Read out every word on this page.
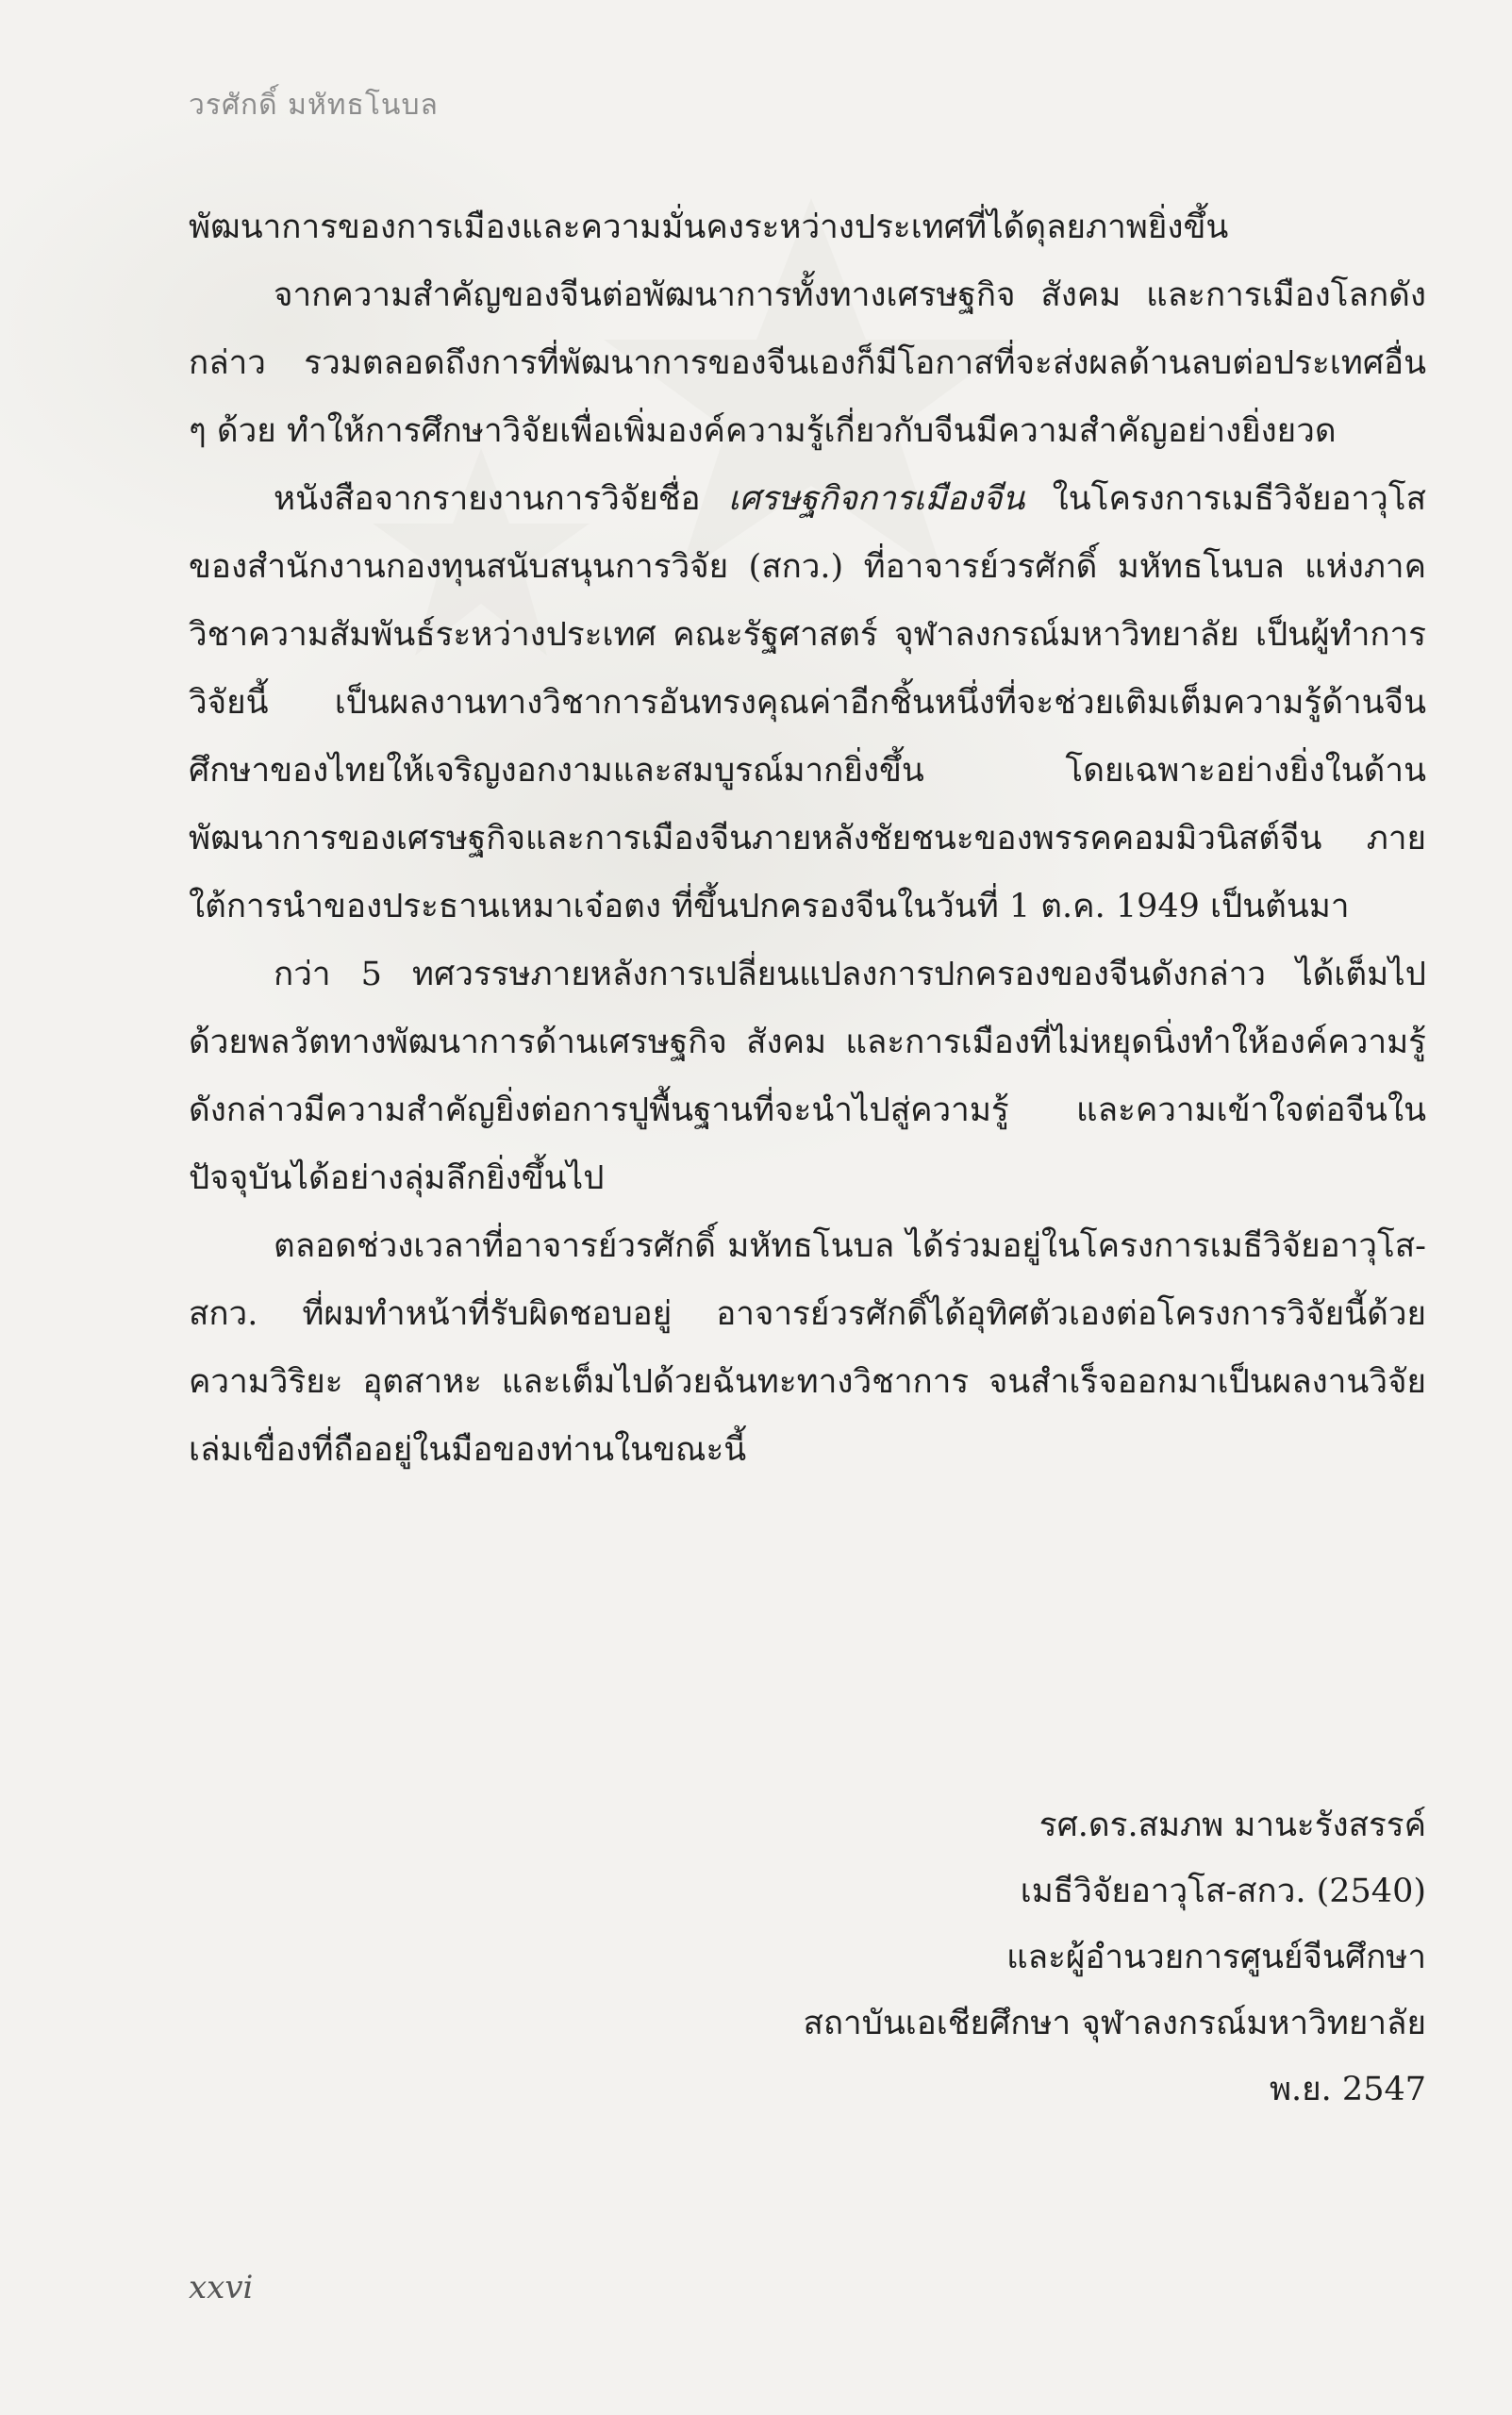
วรศักดิ์ มหัทธโนบล

พัฒนาการของการเมืองและความมั่นคงระหว่างประเทศที่ได้ดุลยภาพยิ่งขึ้น

จากความสำคัญของจีนต่อพัฒนาการทั้งทางเศรษฐกิจ สังคม และการเมืองโลกดังกล่าว รวมตลอดถึงการที่พัฒนาการของจีนเองก็มีโอกาสที่จะส่งผลด้านลบต่อประเทศอื่น ๆ ด้วย ทำให้การศึกษาวิจัยเพื่อเพิ่มองค์ความรู้เกี่ยวกับจีนมีความสำคัญอย่างยิ่งยวด

หนังสือจากรายงานการวิจัยชื่อ เศรษฐกิจการเมืองจีน ในโครงการเมธีวิจัยอาวุโสของสำนักงานกองทุนสนับสนุนการวิจัย (สกว.) ที่อาจารย์วรศักดิ์ มหัทธโนบล แห่งภาควิชาความสัมพันธ์ระหว่างประเทศ คณะรัฐศาสตร์ จุฬาลงกรณ์มหาวิทยาลัย เป็นผู้ทำการวิจัยนี้ เป็นผลงานทางวิชาการอันทรงคุณค่าอีกชิ้นหนึ่งที่จะช่วยเติมเต็มความรู้ด้านจีนศึกษาของไทยให้เจริญงอกงามและสมบูรณ์มากยิ่งขึ้น โดยเฉพาะอย่างยิ่งในด้านพัฒนาการของเศรษฐกิจและการเมืองจีนภายหลังชัยชนะของพรรคคอมมิวนิสต์จีน ภายใต้การนำของประธานเหมาเจ๋อตง ที่ขึ้นปกครองจีนในวันที่ 1 ต.ค. 1949 เป็นต้นมา

กว่า 5 ทศวรรษภายหลังการเปลี่ยนแปลงการปกครองของจีนดังกล่าว ได้เต็มไปด้วยพลวัตทางพัฒนาการด้านเศรษฐกิจ สังคม และการเมืองที่ไม่หยุดนิ่งทำให้องค์ความรู้ดังกล่าวมีความสำคัญยิ่งต่อการปูพื้นฐานที่จะนำไปสู่ความรู้ และความเข้าใจต่อจีนในปัจจุบันได้อย่างลุ่มลึกยิ่งขึ้นไป

ตลอดช่วงเวลาที่อาจารย์วรศักดิ์ มหัทธโนบล ได้ร่วมอยู่ในโครงการเมธีวิจัยอาวุโส-สกว. ที่ผมทำหน้าที่รับผิดชอบอยู่ อาจารย์วรศักดิ์ได้อุทิศตัวเองต่อโครงการวิจัยนี้ด้วยความวิริยะ อุตสาหะ และเต็มไปด้วยฉันทะทางวิชาการ จนสำเร็จออกมาเป็นผลงานวิจัยเล่มเขื่องที่ถืออยู่ในมือของท่านในขณะนี้

รศ.ดร.สมภพ มานะรังสรรค์
เมธีวิจัยอาวุโส-สกว. (2540)
และผู้อำนวยการศูนย์จีนศึกษา
สถาบันเอเชียศึกษา จุฬาลงกรณ์มหาวิทยาลัย
พ.ย. 2547
xxvi
